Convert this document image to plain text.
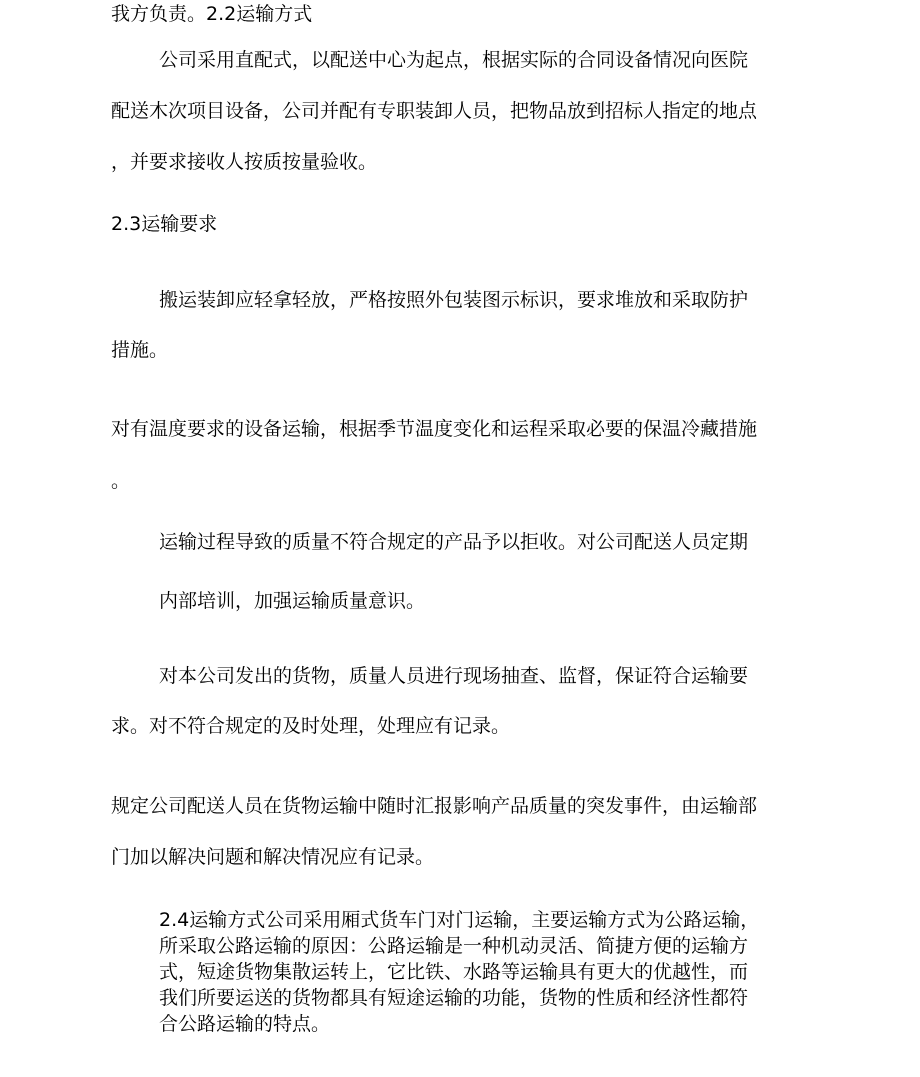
我方负责。2.2运输方式
公司采用直配式，以配送中心为起点，根据实际的合同设备情况向医院
配送木次项目设备，公司并配有专职装卸人员，把物品放到招标人指定的地点
，并要求接收人按质按量验收。
2.3运输要求
搬运装卸应轻拿轻放，严格按照外包装图示标识，要求堆放和采取防护
措施。
对有温度要求的设备运输，根据季节温度变化和运程采取必要的保温冷藏措施
。
运输过程导致的质量不符合规定的产品予以拒收。对公司配送人员定期
内部培训，加强运输质量意识。
对本公司发出的货物，质量人员进行现场抽查、监督，保证符合运输要
求。对不符合规定的及时处理，处理应有记录。
规定公司配送人员在货物运输中随时汇报影响产品质量的突发事件，由运输部
门加以解决问题和解决情况应有记录。
2.4运输方式公司采用厢式货车门对门运输，主要运输方式为公路运输，
所采取公路运输的原因：公路运输是一种机动灵活、简捷方便的运输方
式，短途货物集散运转上，它比铁、水路等运输具有更大的优越性，而
我们所要运送的货物都具有短途运输的功能，货物的性质和经济性都符
合公路运输的特点。
